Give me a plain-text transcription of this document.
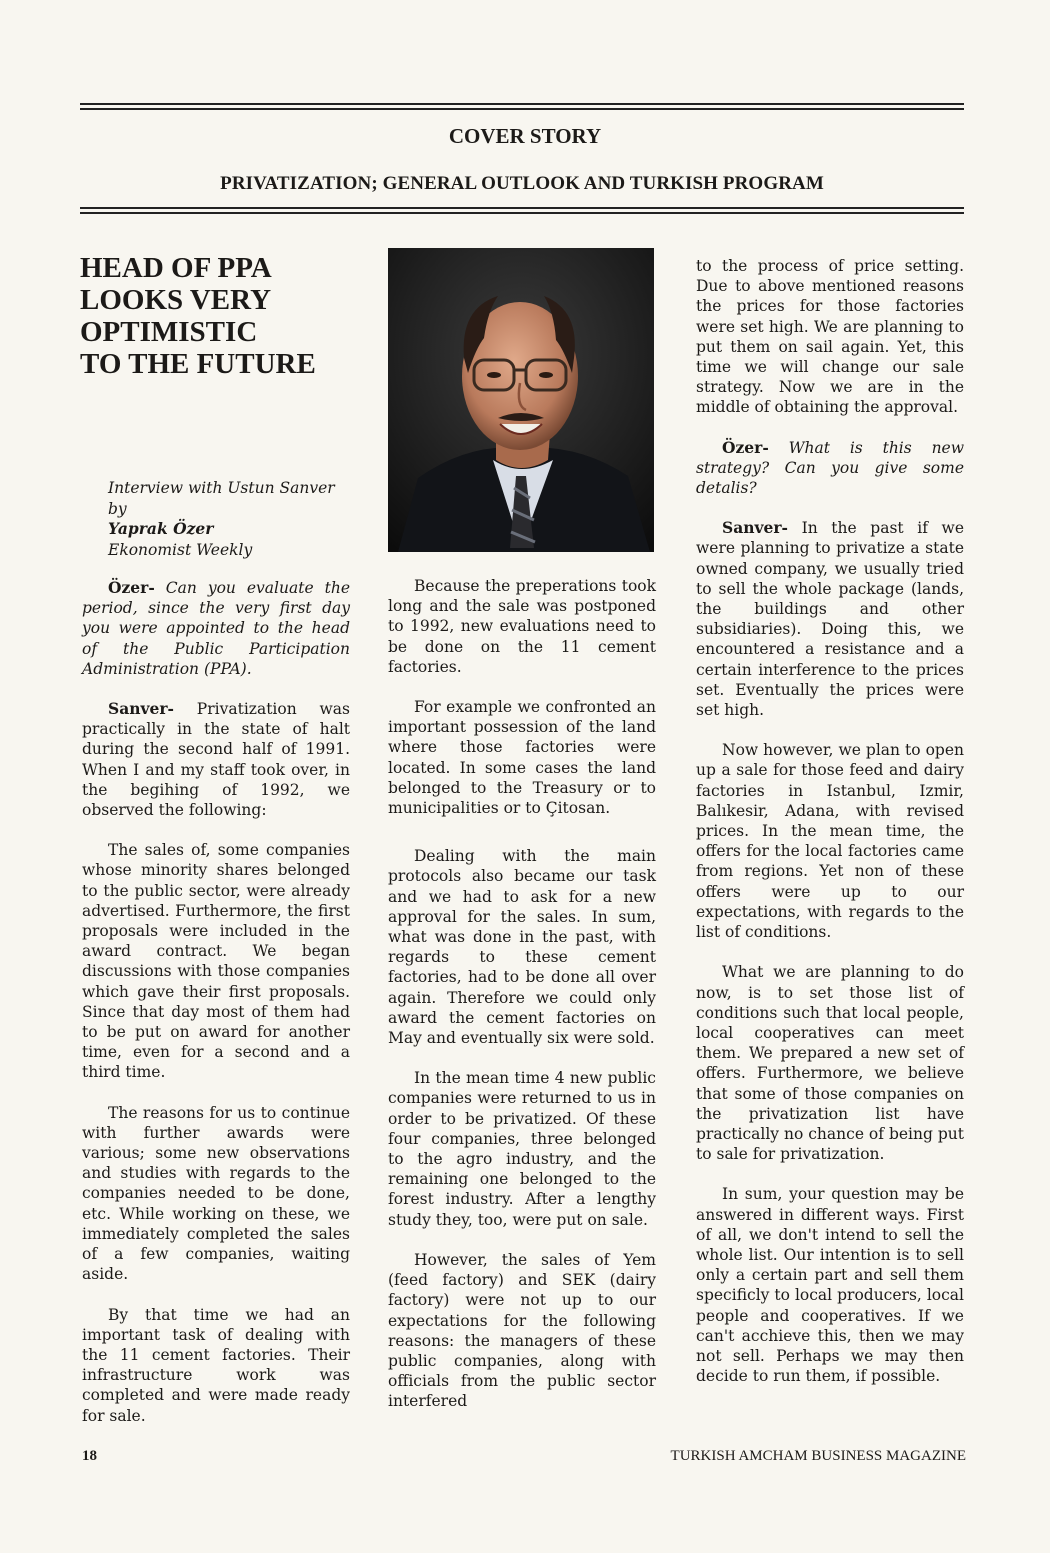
COVER STORY
PRIVATIZATION; GENERAL OUTLOOK AND TURKISH PROGRAM
HEAD OF PPA
LOOKS VERY
OPTIMISTIC
TO THE FUTURE
Interview with Ustun Sanver
by
Yaprak Özer
Ekonomist Weekly

Özer- Can you evaluate the period, since the very first day you were appointed to the head of the Public Participation Administration (PPA).

Sanver- Privatization was practically in the state of halt during the second half of 1991. When I and my staff took over, in the begihing of 1992, we observed the following:

The sales of, some companies whose minority shares belonged to the public sector, were already advertised. Furthermore, the first proposals were included in the award contract. We began discussions with those companies which gave their first proposals. Since that day most of them had to be put on award for another time, even for a second and a third time.

The reasons for us to continue with further awards were various; some new observations and studies with regards to the companies needed to be done, etc. While working on these, we immediately completed the sales of a few companies, waiting aside.

By that time we had an important task of dealing with the 11 cement factories. Their infrastructure work was completed and were made ready for sale.

Because the preperations took long and the sale was postponed to 1992, new evaluations need to be done on the 11 cement factories.

For example we confronted an important possession of the land where those factories were located. In some cases the land belonged to the Treasury or to municipalities or to Çitosan.

Dealing with the main protocols also became our task and we had to ask for a new approval for the sales. In sum, what was done in the past, with regards to these cement factories, had to be done all over again. Therefore we could only award the cement factories on May and eventually six were sold.

In the mean time 4 new public companies were returned to us in order to be privatized. Of these four companies, three belonged to the agro industry, and the remaining one belonged to the forest industry. After a lengthy study they, too, were put on sale.

However, the sales of Yem (feed factory) and SEK (dairy factory) were not up to our expectations for the following reasons: the managers of these public companies, along with officials from the public sector interfered

to the process of price setting. Due to above mentioned reasons the prices for those factories were set high. We are planning to put them on sail again. Yet, this time we will change our sale strategy. Now we are in the middle of obtaining the approval.

Özer- What is this new strategy? Can you give some detalis?

Sanver- In the past if we were planning to privatize a state owned company, we usually tried to sell the whole package (lands, the buildings and other subsidiaries). Doing this, we encountered a resistance and a certain interference to the prices set. Eventually the prices were set high.

Now however, we plan to open up a sale for those feed and dairy factories in Istanbul, Izmir, Balıkesir, Adana, with revised prices. In the mean time, the offers for the local factories came from regions. Yet non of these offers were up to our expectations, with regards to the list of conditions.

What we are planning to do now, is to set those list of conditions such that local people, local cooperatives can meet them. We prepared a new set of offers. Furthermore, we believe that some of those companies on the privatization list have practically no chance of being put to sale for privatization.

In sum, your question may be answered in different ways. First of all, we don't intend to sell the whole list. Our intention is to sell only a certain part and sell them specificly to local producers, local people and cooperatives. If we can't acchieve this, then we may not sell. Perhaps we may then decide to run them, if possible.

18	TURKISH AMCHAM BUSINESS MAGAZINE
